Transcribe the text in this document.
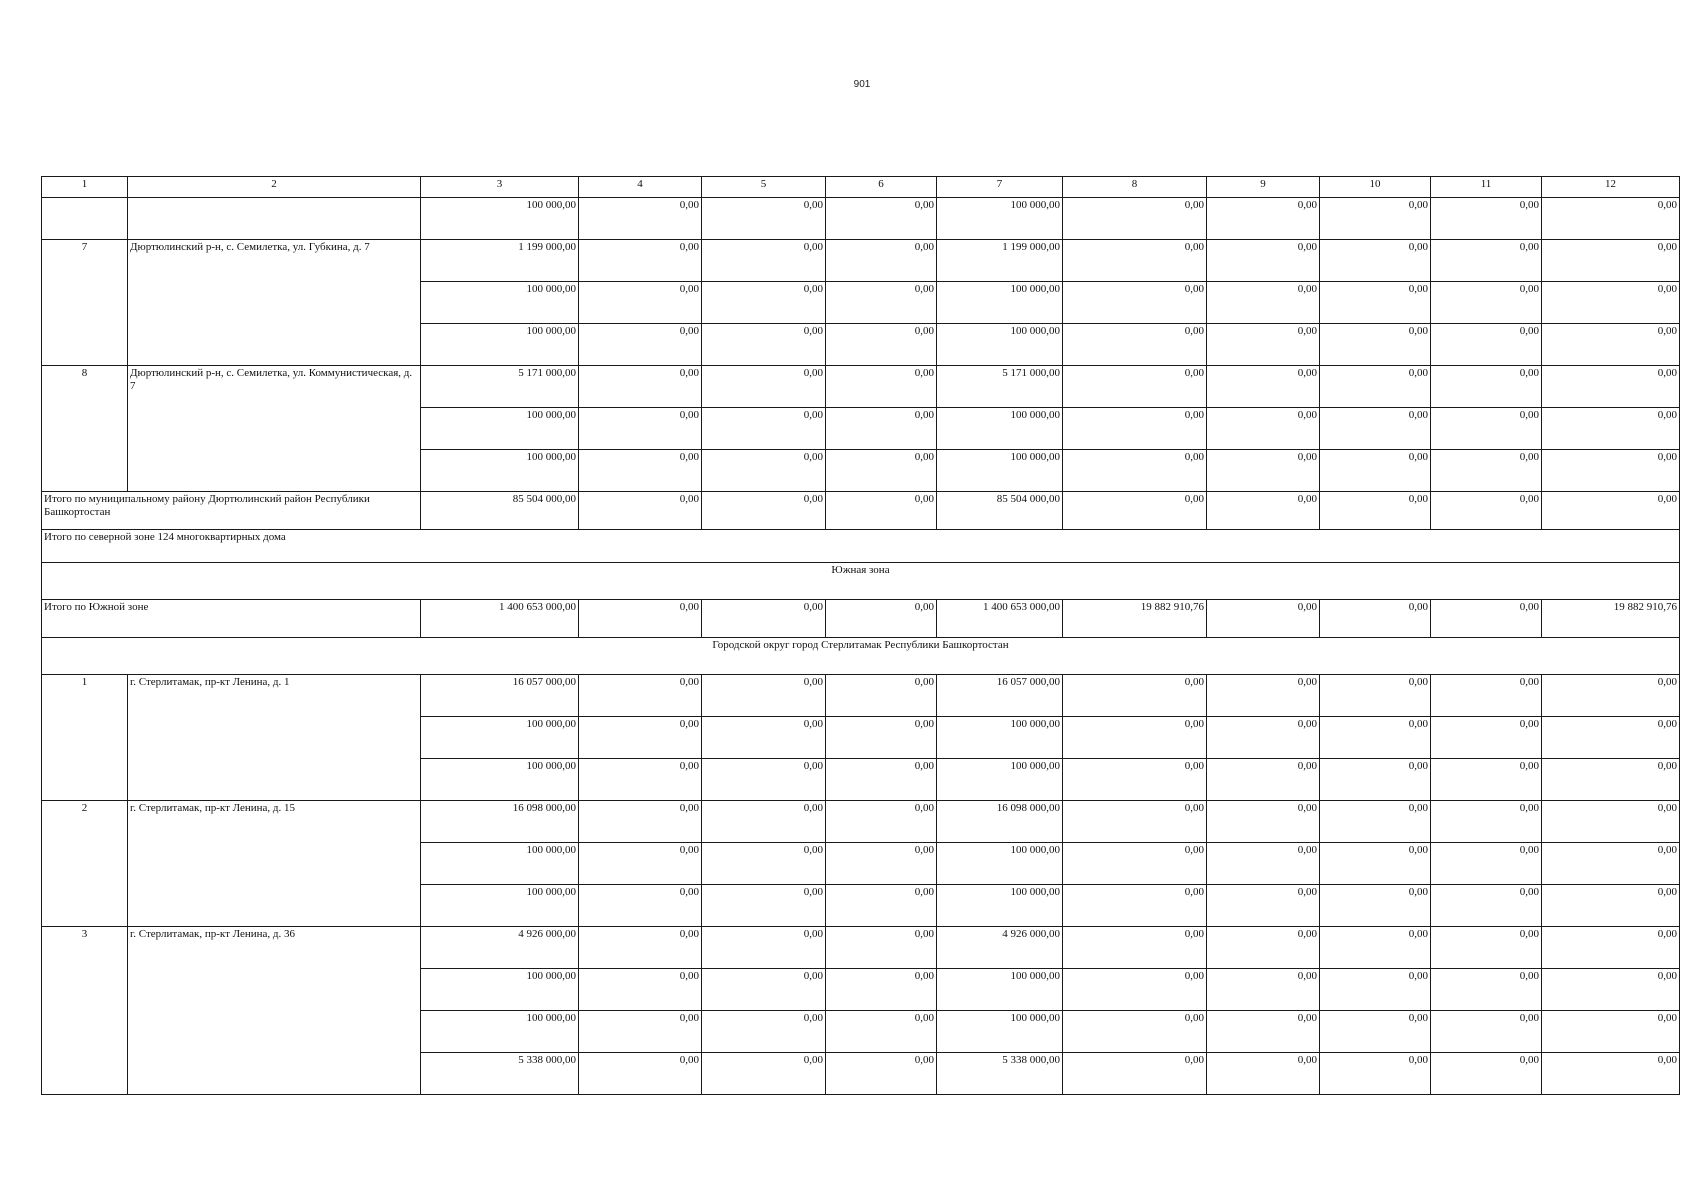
901
1	2	3	4	5	6	7	8	9	10	11	12
		100 000,00	0,00	0,00	0,00	100 000,00	0,00	0,00	0,00	0,00	0,00
7	Дюртюлинский р-н, с. Семилетка, ул. Губкина, д. 7	1 199 000,00	0,00	0,00	0,00	1 199 000,00	0,00	0,00	0,00	0,00	0,00
		100 000,00	0,00	0,00	0,00	100 000,00	0,00	0,00	0,00	0,00	0,00
		100 000,00	0,00	0,00	0,00	100 000,00	0,00	0,00	0,00	0,00	0,00
8	Дюртюлинский р-н, с. Семилетка, ул. Коммунистическая, д. 7	5 171 000,00	0,00	0,00	0,00	5 171 000,00	0,00	0,00	0,00	0,00	0,00
		100 000,00	0,00	0,00	0,00	100 000,00	0,00	0,00	0,00	0,00	0,00
		100 000,00	0,00	0,00	0,00	100 000,00	0,00	0,00	0,00	0,00	0,00
Итого по муниципальному району Дюртюлинский район Республики Башкортостан		85 504 000,00	0,00	0,00	0,00	85 504 000,00	0,00	0,00	0,00	0,00	0,00
Итого по северной зоне 124 многоквартирных дома											
Южная зона											
Итого по Южной зоне		1 400 653 000,00	0,00	0,00	0,00	1 400 653 000,00	19 882 910,76	0,00	0,00	0,00	19 882 910,76
Городской округ город Стерлитамак Республики Башкортостан											
1	г. Стерлитамак, пр-кт Ленина, д. 1	16 057 000,00	0,00	0,00	0,00	16 057 000,00	0,00	0,00	0,00	0,00	0,00
		100 000,00	0,00	0,00	0,00	100 000,00	0,00	0,00	0,00	0,00	0,00
		100 000,00	0,00	0,00	0,00	100 000,00	0,00	0,00	0,00	0,00	0,00
2	г. Стерлитамак, пр-кт Ленина, д. 15	16 098 000,00	0,00	0,00	0,00	16 098 000,00	0,00	0,00	0,00	0,00	0,00
		100 000,00	0,00	0,00	0,00	100 000,00	0,00	0,00	0,00	0,00	0,00
		100 000,00	0,00	0,00	0,00	100 000,00	0,00	0,00	0,00	0,00	0,00
3	г. Стерлитамак, пр-кт Ленина, д. 36	4 926 000,00	0,00	0,00	0,00	4 926 000,00	0,00	0,00	0,00	0,00	0,00
		100 000,00	0,00	0,00	0,00	100 000,00	0,00	0,00	0,00	0,00	0,00
		100 000,00	0,00	0,00	0,00	100 000,00	0,00	0,00	0,00	0,00	0,00
		5 338 000,00	0,00	0,00	0,00	5 338 000,00	0,00	0,00	0,00	0,00	0,00
